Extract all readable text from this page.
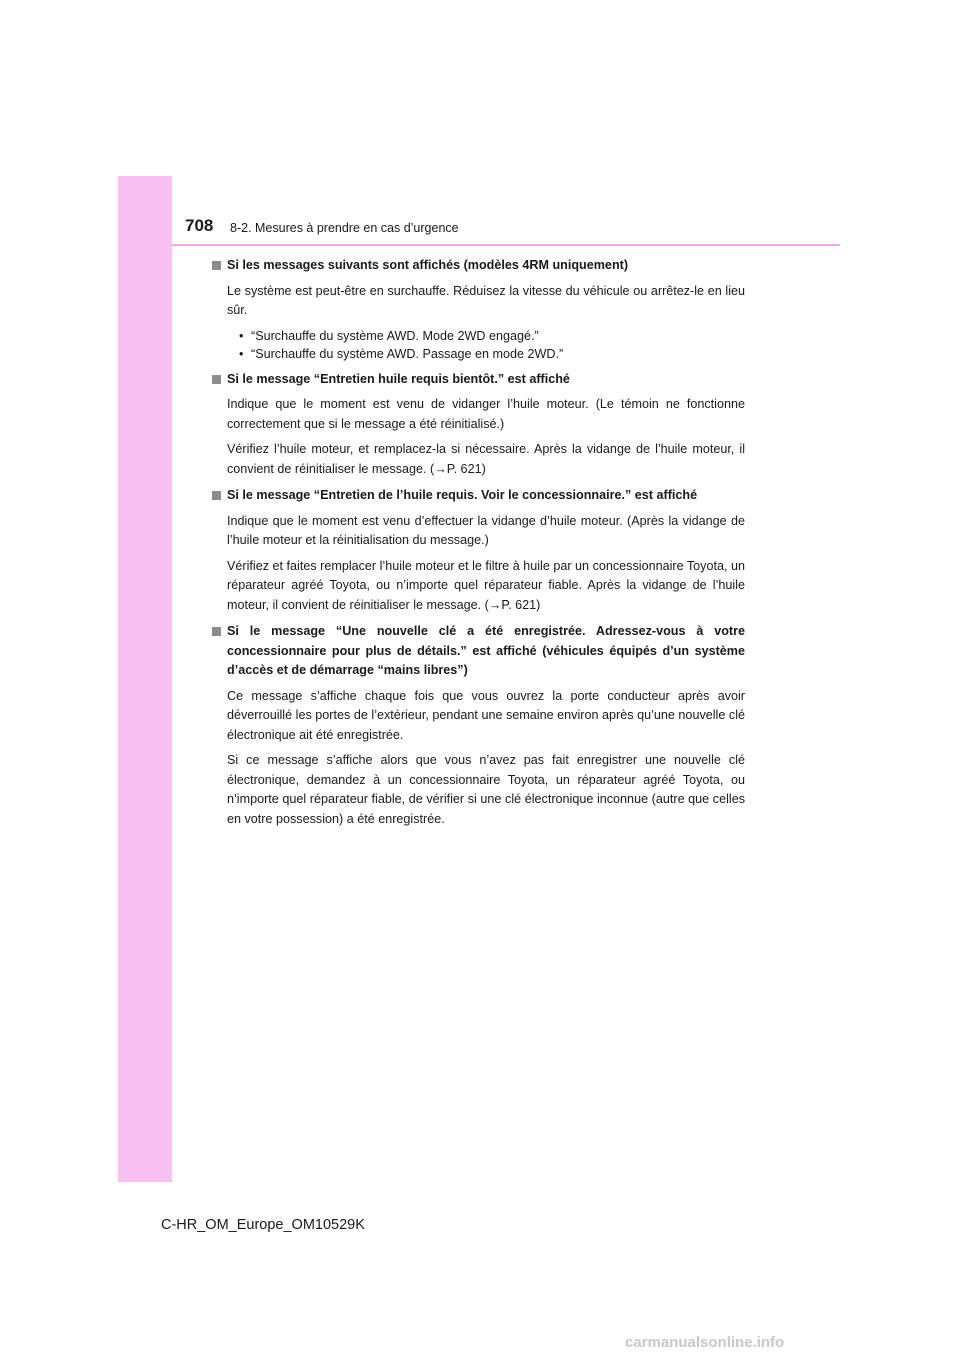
708 8-2. Mesures à prendre en cas d’urgence
Si les messages suivants sont affichés (modèles 4RM uniquement)

Le système est peut-être en surchauffe. Réduisez la vitesse du véhicule ou arrêtez-le en lieu sûr.

• “Surchauffe du système AWD. Mode 2WD engagé.”
• “Surchauffe du système AWD. Passage en mode 2WD.”
Si le message “Entretien huile requis bientôt.” est affiché

Indique que le moment est venu de vidanger l’huile moteur. (Le témoin ne fonctionne correctement que si le message a été réinitialisé.)

Vérifiez l’huile moteur, et remplacez-la si nécessaire. Après la vidange de l’huile moteur, il convient de réinitialiser le message. (→P. 621)

Si le message “Entretien de l’huile requis. Voir le concessionnaire.” est affiché

Indique que le moment est venu d’effectuer la vidange d’huile moteur. (Après la vidange de l’huile moteur et la réinitialisation du message.)

Vérifiez et faites remplacer l’huile moteur et le filtre à huile par un concessionnaire Toyota, un réparateur agréé Toyota, ou n’importe quel réparateur fiable. Après la vidange de l’huile moteur, il convient de réinitialiser le message. (→P. 621)

Si le message “Une nouvelle clé a été enregistrée. Adressez-vous à votre concessionnaire pour plus de détails.” est affiché (véhicules équipés d’un système d’accès et de démarrage “mains libres”)

Ce message s’affiche chaque fois que vous ouvrez la porte conducteur après avoir déverrouillé les portes de l’extérieur, pendant une semaine environ après qu’une nouvelle clé électronique ait été enregistrée.

Si ce message s’affiche alors que vous n’avez pas fait enregistrer une nouvelle clé électronique, demandez à un concessionnaire Toyota, un réparateur agréé Toyota, ou n’importe quel réparateur fiable, de vérifier si une clé électronique inconnue (autre que celles en votre possession) a été enregistrée.

C-HR_OM_Europe_OM10529K
carmanualsonline.info
